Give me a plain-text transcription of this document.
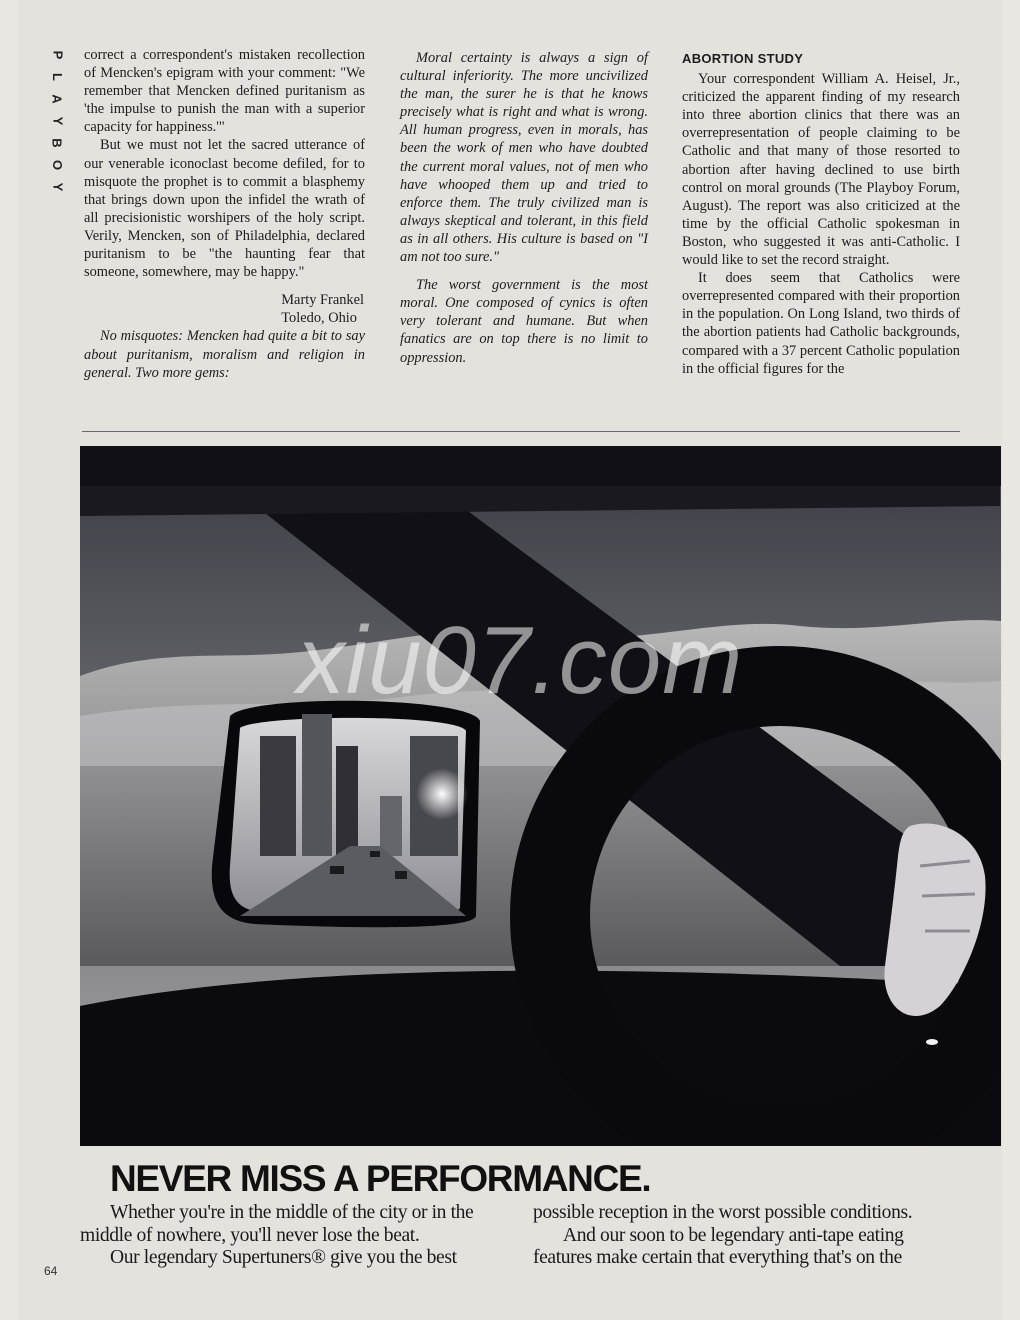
P
L
A
Y
B
O
Y

correct a correspondent's mistaken recollection of Mencken's epigram with your comment: "We remember that Mencken defined puritanism as 'the impulse to punish the man with a superior capacity for happiness.'"

But we must not let the sacred utterance of our venerable iconoclast become defiled, for to misquote the prophet is to commit a blasphemy that brings down upon the infidel the wrath of all precisionistic worshipers of the holy script. Verily, Mencken, son of Philadelphia, declared puritanism to be "the haunting fear that someone, somewhere, may be happy."

Marty Frankel

Toledo, Ohio

No misquotes: Mencken had quite a bit to say about puritanism, moralism and religion in general. Two more gems:

Moral certainty is always a sign of cultural inferiority. The more uncivilized the man, the surer he is that he knows precisely what is right and what is wrong. All human progress, even in morals, has been the work of men who have doubted the current moral values, not of men who have whooped them up and tried to enforce them. The truly civilized man is always skeptical and tolerant, in this field as in all others. His culture is based on "I am not too sure."

The worst government is the most moral. One composed of cynics is often very tolerant and humane. But when fanatics are on top there is no limit to oppression.

ABORTION STUDY

Your correspondent William A. Heisel, Jr., criticized the apparent finding of my research into three abortion clinics that there was an overrepresentation of people claiming to be Catholic and that many of those resorted to abortion after having declined to use birth control on moral grounds (The Playboy Forum, August). The report was also criticized at the time by the official Catholic spokesman in Boston, who suggested it was anti-Catholic. I would like to set the record straight.

It does seem that Catholics were overrepresented compared with their proportion in the population. On Long Island, two thirds of the abortion patients had Catholic backgrounds, compared with a 37 percent Catholic population in the official figures for the

xiu07.com
NEVER MISS A PERFORMANCE.

Whether you're in the middle of the city or in the middle of nowhere, you'll never lose the beat.

Our legendary Supertuners® give you the best

possible reception in the worst possible conditions.

And our soon to be legendary anti-tape eating features make certain that everything that's on the

64
